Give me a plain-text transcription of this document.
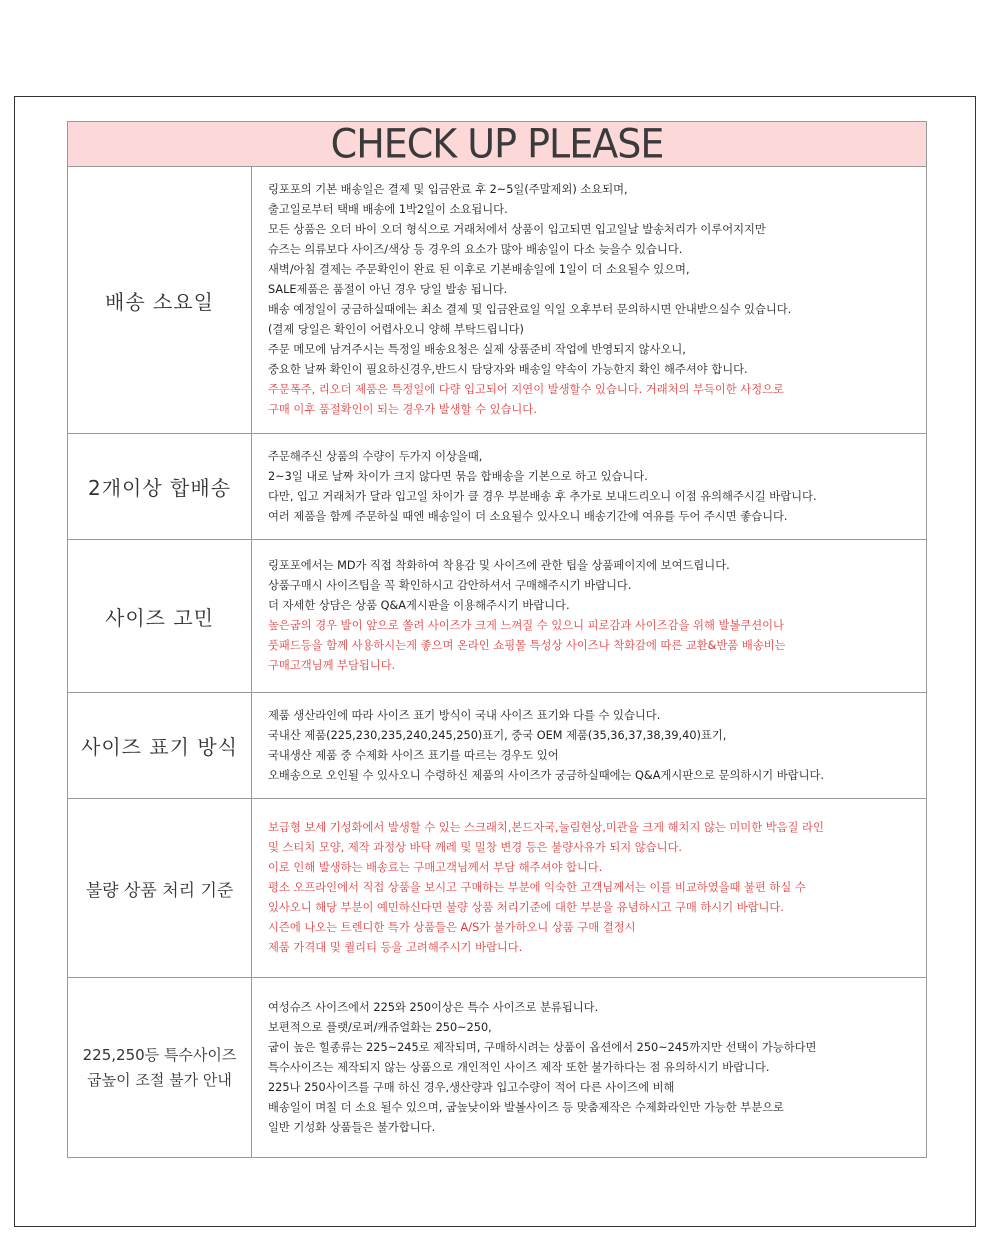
CHECK UP PLEASE
배송 소요일
링포포의 기본 배송일은 결제 및 입금완료 후 2~5일(주말제외) 소요되며,
출고일로부터 택배 배송에 1박2일이 소요됩니다.
모든 상품은 오더 바이 오더 형식으로 거래처에서 상품이 입고되면 입고일날 발송처리가 이루어지지만
슈즈는 의류보다 사이즈/색상 등 경우의 요소가 많아 배송일이 다소 늦을수 있습니다.
새벽/아침 결제는 주문확인이 완료 된 이후로 기본배송일에 1일이 더 소요될수 있으며,
SALE제품은 품절이 아닌 경우 당일 발송 됩니다.
배송 예정일이 궁금하실때에는 최소 결제 및 입금완료일 익일 오후부터 문의하시면 안내받으실수 있습니다.
(결제 당일은 확인이 어렵사오니 양해 부탁드립니다)
주문 메모에 남겨주시는 특정일 배송요청은 실제 상품준비 작업에 반영되지 않사오니,
중요한 날짜 확인이 필요하신경우,반드시 담당자와 배송일 약속이 가능한지 확인 해주셔야 합니다.
주문폭주, 리오더 제품은 특정일에 다량 입고되어 지연이 발생할수 있습니다. 거래처의 부득이한 사정으로
구매 이후 품절확인이 되는 경우가 발생할 수 있습니다.
2개이상 합배송
주문해주신 상품의 수량이 두가지 이상을때,
2~3일 내로 날짜 차이가 크지 않다면 묶음 합배송을 기본으로 하고 있습니다.
다만, 입고 거래처가 달라 입고일 차이가 클 경우 부분배송 후 추가로 보내드리오니 이점 유의해주시길 바랍니다.
여러 제품을 함께 주문하실 때엔 배송일이 더 소요될수 있사오니 배송기간에 여유를 두어 주시면 좋습니다.
사이즈 고민
링포포에서는 MD가 직접 착화하여 착용감 및 사이즈에 관한 팁을 상품페이지에 보여드립니다.
상품구매시 사이즈팁을 꼭 확인하시고 감안하셔서 구매해주시기 바랍니다.
더 자세한 상담은 상품 Q&A게시판을 이용해주시기 바랍니다.
높은굽의 경우 발이 앞으로 쏠려 사이즈가 크게 느껴질 수 있으니 피로감과 사이즈감을 위해 발볼쿠션이나
풋패드등을 함께 사용하시는게 좋으며 온라인 쇼핑몰 특성상 사이즈나 착화감에 따른 교환&반품 배송비는
구매고객님께 부담됩니다.
사이즈 표기 방식
제품 생산라인에 따라 사이즈 표기 방식이 국내 사이즈 표기와 다를 수 있습니다.
국내산 제품(225,230,235,240,245,250)표기, 중국 OEM 제품(35,36,37,38,39,40)표기,
국내생산 제품 중 수제화 사이즈 표기를 따르는 경우도 있어
오배송으로 오인될 수 있사오니 수령하신 제품의 사이즈가 궁금하실때에는 Q&A게시판으로 문의하시기 바랍니다.
불량 상품 처리 기준
보급형 보세 기성화에서 발생할 수 있는 스크래치,본드자국,눌림현상,미관을 크게 해치지 않는 미미한 박음질 라인
및 스티치 모양, 제작 과정상 바닥 깨레 및 밀창 변경 등은 불량사유가 되지 않습니다.
이로 인해 발생하는 배송료는 구매고객님께서 부담 해주셔야 합니다.
평소 오프라인에서 직접 상품을 보시고 구매하는 부분에 익숙한 고객님께서는 이를 비교하였을때 불편 하실 수
있사오니 해당 부분이 예민하신다면 불량 상품 처리기준에 대한 부분을 유념하시고 구매 하시기 바랍니다.
시즌에 나오는 트렌디한 특가 상품들은 A/S가 불가하오니 상품 구매 결정시
제품 가격대 및 퀄리티 등을 고려해주시기 바랍니다.
225,250등 특수사이즈
굽높이 조절 불가 안내
여성슈즈 사이즈에서 225와 250이상은 특수 사이즈로 분류됩니다.
보편적으로 플랫/로퍼/캐쥬얼화는 250~250,
굽이 높은 힐종류는 225~245로 제작되며, 구매하시려는 상품이 옵션에서 250~245까지만 선택이 가능하다면
특수사이즈는 제작되지 않는 상품으로 개인적인 사이즈 제작 또한 불가하다는 점 유의하시기 바랍니다.
225나 250사이즈를 구매 하신 경우,생산량과 입고수량이 적어 다른 사이즈에 비해
배송일이 며칠 더 소요 될수 있으며, 굽높낮이와 발볼사이즈 등 맞춤제작은 수제화라인만 가능한 부분으로
일반 기성화 상품들은 불가합니다.
